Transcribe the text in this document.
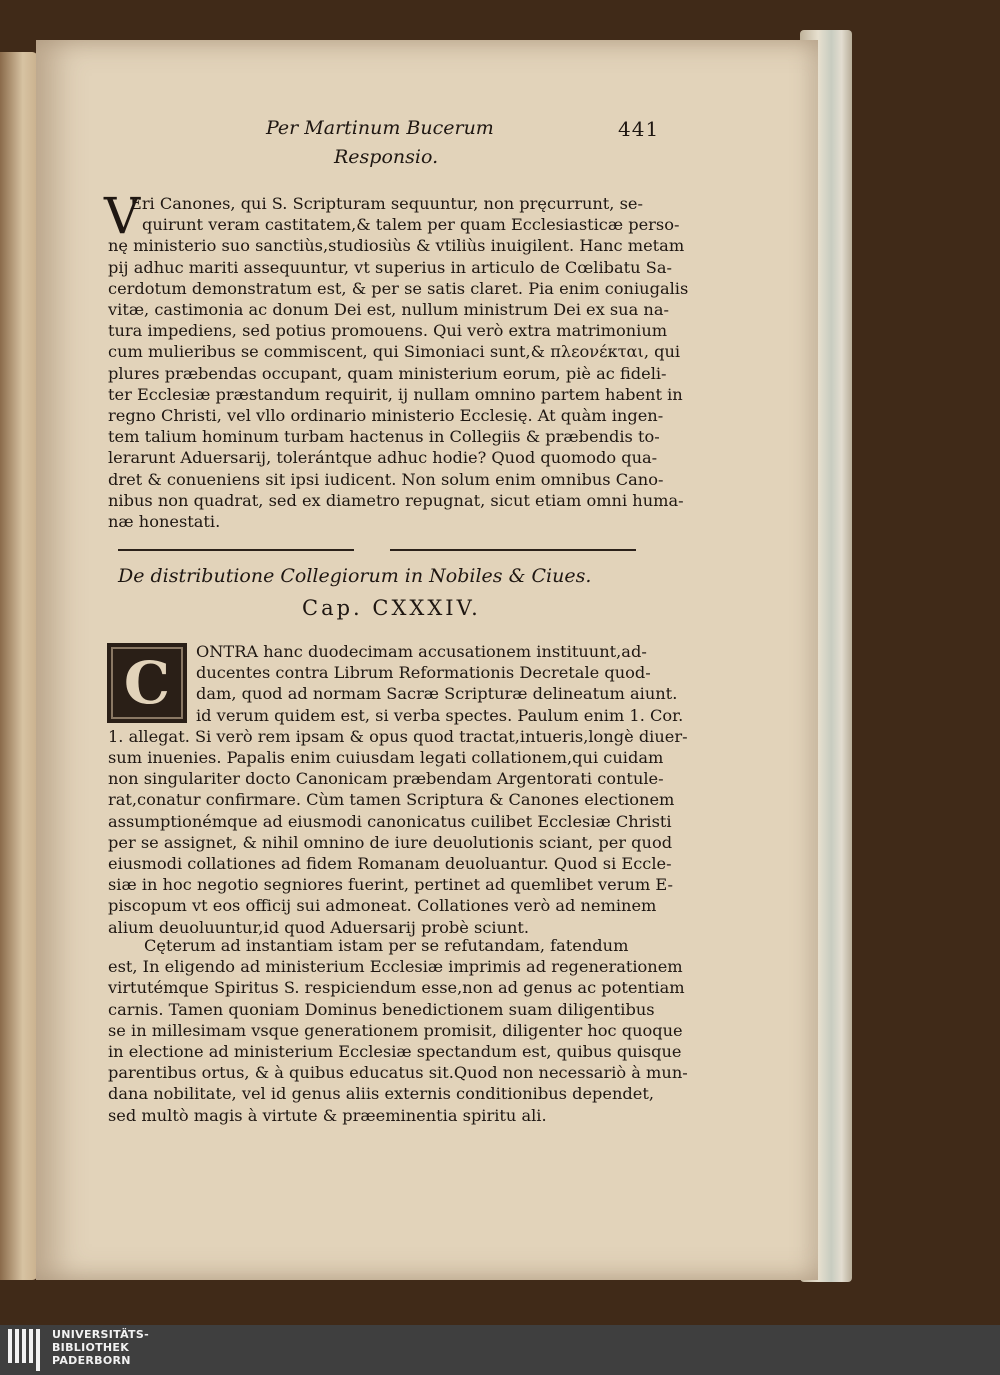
Per Martinum Bucerum	441
Responsio.
V
Eri Canones, qui S. Scripturam sequuntur, non pręcurrunt, se-
quirunt veram castitatem,& talem per quam Ecclesiasticæ perso-
nę ministerio suo sanctiùs,studiosiùs & vtiliùs inuigilent. Hanc metam
pij adhuc mariti assequuntur, vt superius in articulo de Cœlibatu Sa-
cerdotum demonstratum est, & per se satis claret. Pia enim coniugalis
vitæ, castimonia ac donum Dei est, nullum ministrum Dei ex sua na-
tura impediens, sed potius promouens. Qui verò extra matrimonium
cum mulieribus se commiscent, qui Simoniaci sunt,& πλεονέκται, qui
plures præbendas occupant, quam ministerium eorum, piè ac fideli-
ter Ecclesiæ præstandum requirit, ij nullam omnino partem habent in
regno Christi, vel vllo ordinario ministerio Ecclesię. At quàm ingen-
tem talium hominum turbam hactenus in Collegiis & præbendis to-
lerarunt Aduersarij, tolerántque adhuc hodie? Quod quomodo qua-
dret & conueniens sit ipsi iudicent. Non solum enim omnibus Cano-
nibus non quadrat, sed ex diametro repugnat, sicut etiam omni huma-
næ honestati.
De distributione Collegiorum in Nobiles & Ciues.
Cap. CXXXIV.
C	ONTRA hanc duodecimam accusationem instituunt,ad-
ducentes contra Librum Reformationis Decretale quod-
dam, quod ad normam Sacræ Scripturæ delineatum aiunt.
id verum quidem est, si verba spectes. Paulum enim 1. Cor.
1. allegat. Si verò rem ipsam & opus quod tractat,intueris,longè diuer-
sum inuenies. Papalis enim cuiusdam legati collationem,qui cuidam
non singulariter docto Canonicam præbendam Argentorati contule-
rat,conatur confirmare. Cùm tamen Scriptura & Canones electionem
assumptionémque ad eiusmodi canonicatus cuilibet Ecclesiæ Christi
per se assignet, & nihil omnino de iure deuolutionis sciant, per quod
eiusmodi collationes ad fidem Romanam deuoluantur. Quod si Eccle-
siæ in hoc negotio segniores fuerint, pertinet ad quemlibet verum E-
piscopum vt eos officij sui admoneat. Collationes verò ad neminem
alium deuoluuntur,id quod Aduersarij probè sciunt.
Cęterum ad instantiam istam per se refutandam, fatendum
est, In eligendo ad ministerium Ecclesiæ imprimis ad regenerationem
virtutémque Spiritus S. respiciendum esse,non ad genus ac potentiam
carnis. Tamen quoniam Dominus benedictionem suam diligentibus
se in millesimam vsque generationem promisit, diligenter hoc quoque
in electione ad ministerium Ecclesiæ spectandum est, quibus quisque
parentibus ortus, & à quibus educatus sit.Quod non necessariò à mun-
dana nobilitate, vel id genus aliis externis conditionibus dependet,
sed multò magis à virtute & præeminentia spiritu ali.
UNIVERSITÄTS-
BIBLIOTHEK
PADERBORN
